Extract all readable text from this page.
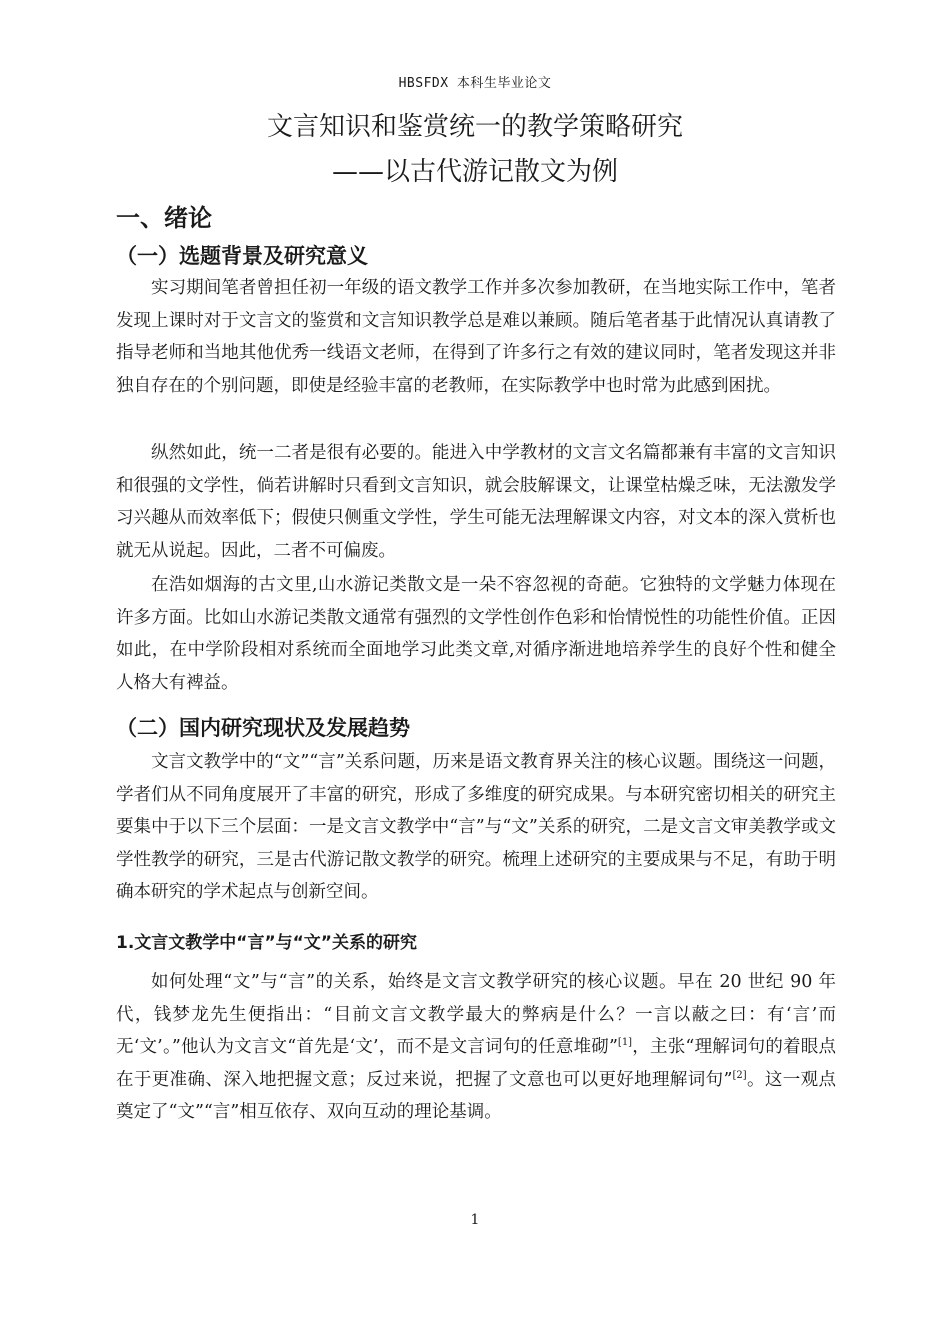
HBSFDX 本科生毕业论文
文言知识和鉴赏统一的教学策略研究
——以古代游记散文为例
一、绪论
（一）选题背景及研究意义

实习期间笔者曾担任初一年级的语文教学工作并多次参加教研，在当地实际工作中，笔者发现上课时对于文言文的鉴赏和文言知识教学总是难以兼顾。随后笔者基于此情况认真请教了指导老师和当地其他优秀一线语文老师，在得到了许多行之有效的建议同时，笔者发现这并非独自存在的个别问题，即使是经验丰富的老教师，在实际教学中也时常为此感到困扰。

纵然如此，统一二者是很有必要的。能进入中学教材的文言文名篇都兼有丰富的文言知识和很强的文学性，倘若讲解时只看到文言知识，就会肢解课文，让课堂枯燥乏味，无法激发学习兴趣从而效率低下；假使只侧重文学性，学生可能无法理解课文内容，对文本的深入赏析也就无从说起。因此，二者不可偏废。

在浩如烟海的古文里,山水游记类散文是一朵不容忽视的奇葩。它独特的文学魅力体现在许多方面。比如山水游记类散文通常有强烈的文学性创作色彩和怡情悦性的功能性价值。正因如此，在中学阶段相对系统而全面地学习此类文章,对循序渐进地培养学生的良好个性和健全人格大有裨益。

（二）国内研究现状及发展趋势

文言文教学中的“文”“言”关系问题，历来是语文教育界关注的核心议题。围绕这一问题，学者们从不同角度展开了丰富的研究，形成了多维度的研究成果。与本研究密切相关的研究主要集中于以下三个层面：一是文言文教学中“言”与“文”关系的研究，二是文言文审美教学或文学性教学的研究，三是古代游记散文教学的研究。梳理上述研究的主要成果与不足，有助于明确本研究的学术起点与创新空间。

1.文言文教学中“言”与“文”关系的研究

如何处理“文”与“言”的关系，始终是文言文教学研究的核心议题。早在 20 世纪 90 年代，钱梦龙先生便指出：“目前文言文教学最大的弊病是什么？一言以蔽之曰：有‘言’而无‘文’。”他认为文言文“首先是‘文’，而不是文言词句的任意堆砌”[1]，主张“理解词句的着眼点在于更准确、深入地把握文意；反过来说，把握了文意也可以更好地理解词句”[2]。这一观点奠定了“文”“言”相互依存、双向互动的理论基调。

1
